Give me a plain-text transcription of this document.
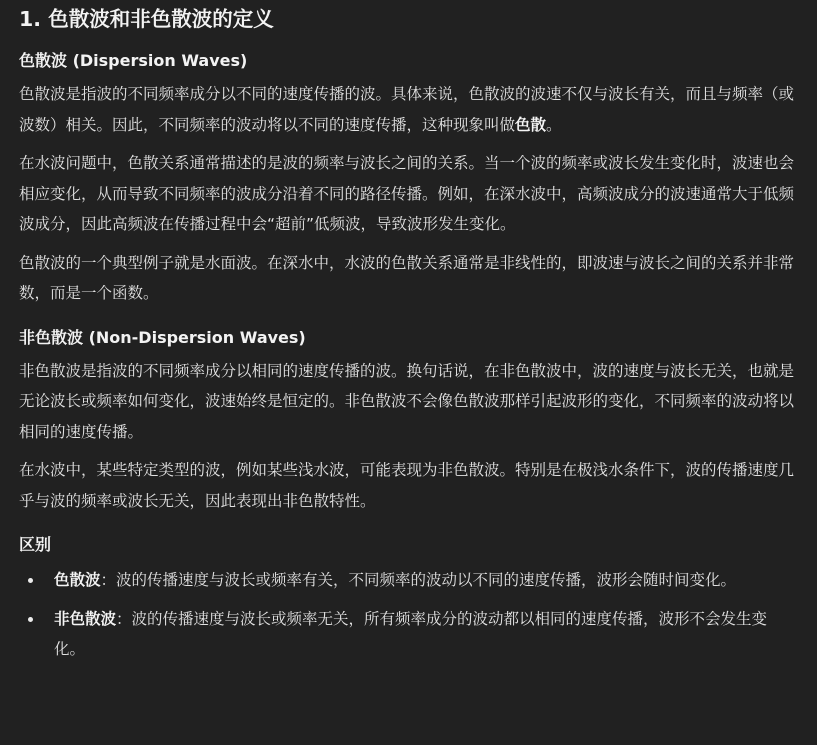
1. 色散波和非色散波的定义
色散波 (Dispersion Waves)

色散波是指波的不同频率成分以不同的速度传播的波。具体来说，色散波的波速不仅与波长有关，而且与频率（或波数）相关。因此，不同频率的波动将以不同的速度传播，这种现象叫做色散。

在水波问题中，色散关系通常描述的是波的频率与波长之间的关系。当一个波的频率或波长发生变化时，波速也会相应变化，从而导致不同频率的波成分沿着不同的路径传播。例如，在深水波中，高频波成分的波速通常大于低频波成分，因此高频波在传播过程中会“超前”低频波，导致波形发生变化。

色散波的一个典型例子就是水面波。在深水中，水波的色散关系通常是非线性的，即波速与波长之间的关系并非常数，而是一个函数。

非色散波 (Non-Dispersion Waves)

非色散波是指波的不同频率成分以相同的速度传播的波。换句话说，在非色散波中，波的速度与波长无关，也就是无论波长或频率如何变化，波速始终是恒定的。非色散波不会像色散波那样引起波形的变化，不同频率的波动将以相同的速度传播。

在水波中，某些特定类型的波，例如某些浅水波，可能表现为非色散波。特别是在极浅水条件下，波的传播速度几乎与波的频率或波长无关，因此表现出非色散特性。

区别
色散波：波的传播速度与波长或频率有关，不同频率的波动以不同的速度传播，波形会随时间变化。
非色散波：波的传播速度与波长或频率无关，所有频率成分的波动都以相同的速度传播，波形不会发生变化。
